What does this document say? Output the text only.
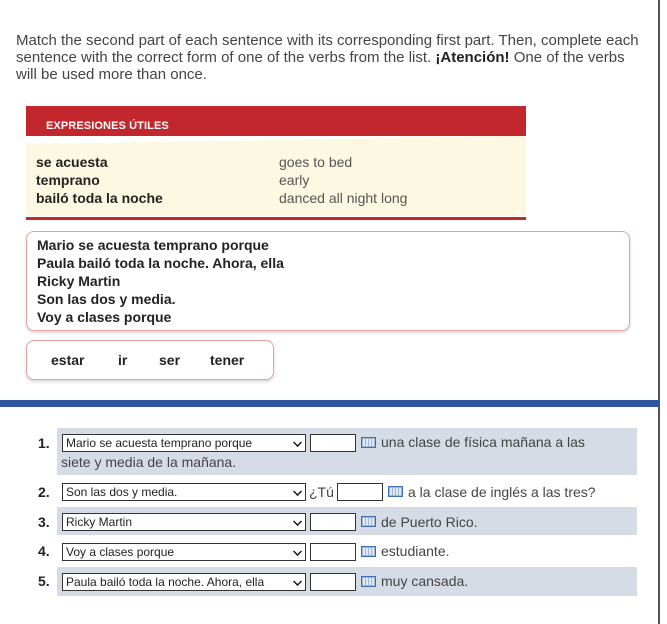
Match the second part of each sentence with its corresponding first part. Then, complete each sentence with the correct form of one of the verbs from the list. ¡Atención! One of the verbs will be used more than once.
EXPRESIONES ÚTILES
se acuesta	goes to bed
temprano	early
bailó toda la noche	danced all night long
Mario se acuesta temprano porque
Paula bailó toda la noche. Ahora, ella
Ricky Martin
Son las dos y media.
Voy a clases porque
estar ir ser tener
1. Mario se acuesta temprano porque	una clase de física mañana a las
siete y media de la mañana.
2. Son las dos y media.	¿Tú	a la clase de inglés a las tres?
3. Ricky Martin	de Puerto Rico.
4. Voy a clases porque	estudiante.
5. Paula bailó toda la noche. Ahora, ella	muy cansada.
